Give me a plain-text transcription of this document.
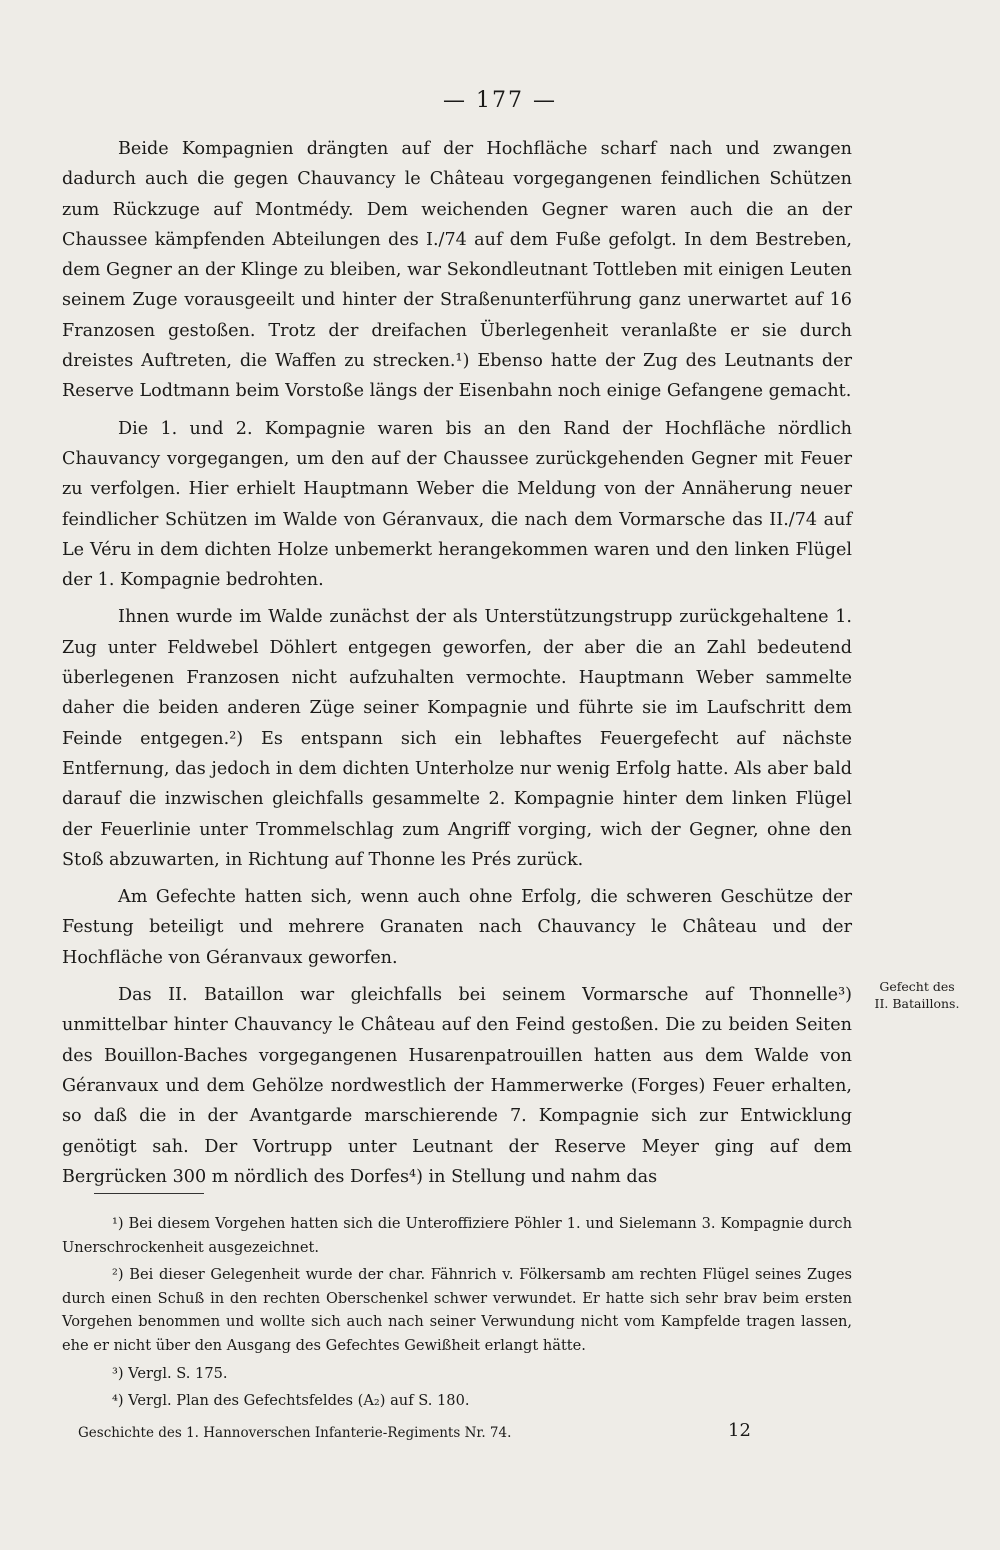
— 177 —

Beide Kompagnien drängten auf der Hochfläche scharf nach und zwangen dadurch auch die gegen Chauvancy le Château vorgegangenen feindlichen Schützen zum Rückzuge auf Montmédy. Dem weichenden Gegner waren auch die an der Chaussee kämpfenden Abteilungen des I./74 auf dem Fuße gefolgt. In dem Bestreben, dem Gegner an der Klinge zu bleiben, war Sekondleutnant Tottleben mit einigen Leuten seinem Zuge vorausgeeilt und hinter der Straßenunterführung ganz unerwartet auf 16 Franzosen gestoßen. Trotz der dreifachen Überlegenheit veranlaßte er sie durch dreistes Auftreten, die Waffen zu strecken.¹) Ebenso hatte der Zug des Leutnants der Reserve Lodtmann beim Vorstoße längs der Eisenbahn noch einige Gefangene gemacht.

Die 1. und 2. Kompagnie waren bis an den Rand der Hochfläche nördlich Chauvancy vorgegangen, um den auf der Chaussee zurückgehenden Gegner mit Feuer zu verfolgen. Hier erhielt Hauptmann Weber die Meldung von der Annäherung neuer feindlicher Schützen im Walde von Géranvaux, die nach dem Vormarsche das II./74 auf Le Véru in dem dichten Holze unbemerkt herangekommen waren und den linken Flügel der 1. Kompagnie bedrohten.

Ihnen wurde im Walde zunächst der als Unterstützungstrupp zurückgehaltene 1. Zug unter Feldwebel Döhlert entgegen geworfen, der aber die an Zahl bedeutend überlegenen Franzosen nicht aufzuhalten vermochte. Hauptmann Weber sammelte daher die beiden anderen Züge seiner Kompagnie und führte sie im Laufschritt dem Feinde entgegen.²) Es entspann sich ein lebhaftes Feuergefecht auf nächste Entfernung, das jedoch in dem dichten Unterholze nur wenig Erfolg hatte. Als aber bald darauf die inzwischen gleichfalls gesammelte 2. Kompagnie hinter dem linken Flügel der Feuerlinie unter Trommelschlag zum Angriff vorging, wich der Gegner, ohne den Stoß abzuwarten, in Richtung auf Thonne les Prés zurück.

Am Gefechte hatten sich, wenn auch ohne Erfolg, die schweren Geschütze der Festung beteiligt und mehrere Granaten nach Chauvancy le Château und der Hochfläche von Géranvaux geworfen.

Das II. Bataillon war gleichfalls bei seinem Vormarsche auf Thonnelle³) unmittelbar hinter Chauvancy le Château auf den Feind gestoßen. Die zu beiden Seiten des Bouillon-Baches vorgegangenen Husarenpatrouillen hatten aus dem Walde von Géranvaux und dem Gehölze nordwestlich der Hammerwerke (Forges) Feuer erhalten, so daß die in der Avantgarde marschierende 7. Kompagnie sich zur Entwicklung genötigt sah. Der Vortrupp unter Leutnant der Reserve Meyer ging auf dem Bergrücken 300 m nördlich des Dorfes⁴) in Stellung und nahm das

Gefecht des
II. Bataillons.

¹) Bei diesem Vorgehen hatten sich die Unteroffiziere Pöhler 1. und Sielemann 3. Kompagnie durch Unerschrockenheit ausgezeichnet.

²) Bei dieser Gelegenheit wurde der char. Fähnrich v. Fölkersamb am rechten Flügel seines Zuges durch einen Schuß in den rechten Oberschenkel schwer verwundet. Er hatte sich sehr brav beim ersten Vorgehen benommen und wollte sich auch nach seiner Verwundung nicht vom Kampfelde tragen lassen, ehe er nicht über den Ausgang des Gefechtes Gewißheit erlangt hätte.

³) Vergl. S. 175.

⁴) Vergl. Plan des Gefechtsfeldes (A₂) auf S. 180.

Geschichte des 1. Hannoverschen Infanterie-Regiments Nr. 74.	12
